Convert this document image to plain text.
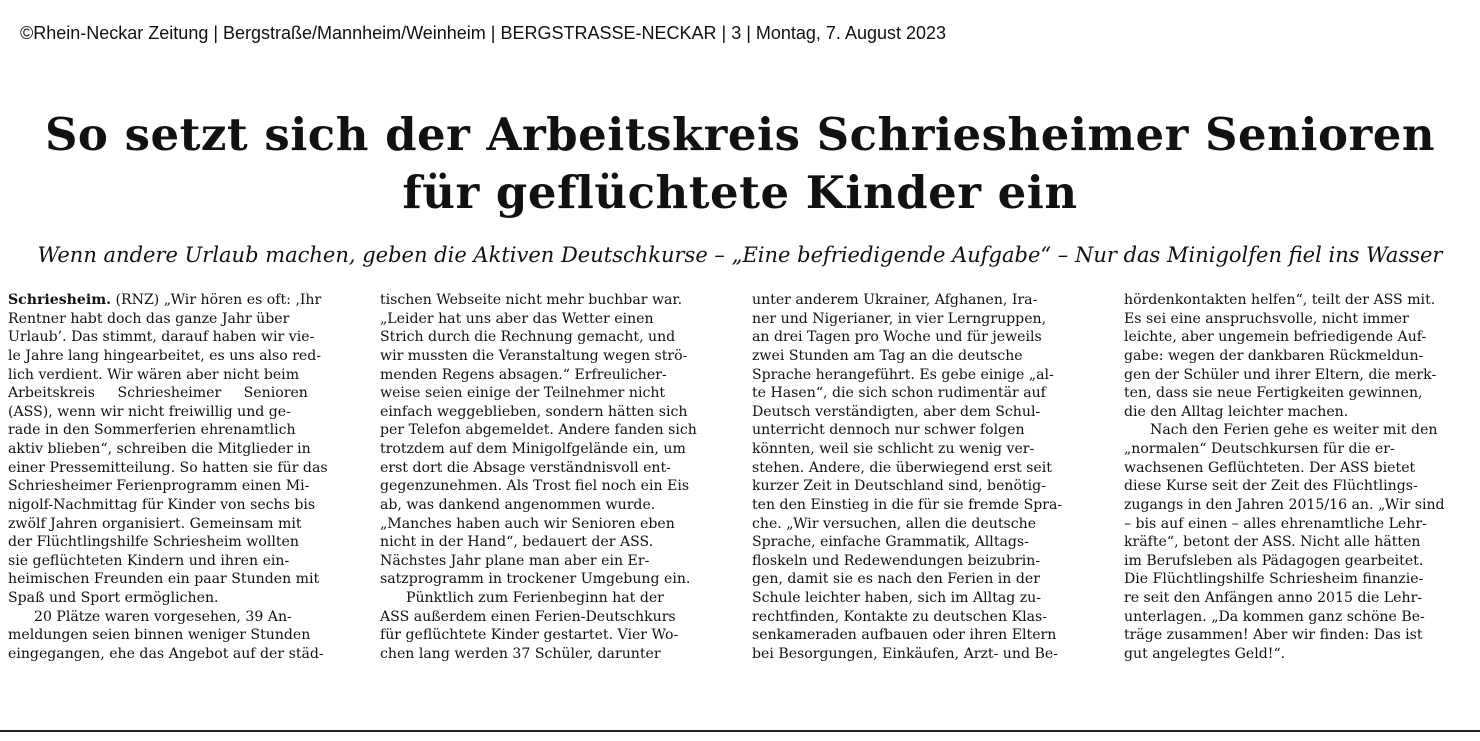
©Rhein-Neckar Zeitung | Bergstraße/Mannheim/Weinheim | BERGSTRASSE-NECKAR | 3 | Montag, 7. August 2023
So setzt sich der Arbeitskreis Schriesheimer Senioren
für geflüchtete Kinder ein
Wenn andere Urlaub machen, geben die Aktiven Deutschkurse – „Eine befriedigende Aufgabe“ – Nur das Minigolfen fiel ins Wasser
Schriesheim. (RNZ) „Wir hören es oft: ‚Ihr
Rentner habt doch das ganze Jahr über
Urlaub’. Das stimmt, darauf haben wir vie-
le Jahre lang hingearbeitet, es uns also red-
lich verdient. Wir wären aber nicht beim
Arbeitskreis     Schriesheimer     Senioren
(ASS), wenn wir nicht freiwillig und ge-
rade in den Sommerferien ehrenamtlich
aktiv blieben“, schreiben die Mitglieder in
einer Pressemitteilung. So hatten sie für das
Schriesheimer Ferienprogramm einen Mi-
nigolf-Nachmittag für Kinder von sechs bis
zwölf Jahren organisiert. Gemeinsam mit
der Flüchtlingshilfe Schriesheim wollten
sie geflüchteten Kindern und ihren ein-
heimischen Freunden ein paar Stunden mit
Spaß und Sport ermöglichen.
20 Plätze waren vorgesehen, 39 An-
meldungen seien binnen weniger Stunden
eingegangen, ehe das Angebot auf der städ-
tischen Webseite nicht mehr buchbar war.
„Leider hat uns aber das Wetter einen
Strich durch die Rechnung gemacht, und
wir mussten die Veranstaltung wegen strö-
menden Regens absagen.“ Erfreulicher-
weise seien einige der Teilnehmer nicht
einfach weggeblieben, sondern hätten sich
per Telefon abgemeldet. Andere fanden sich
trotzdem auf dem Minigolfgelände ein, um
erst dort die Absage verständnisvoll ent-
gegenzunehmen. Als Trost fiel noch ein Eis
ab, was dankend angenommen wurde.
„Manches haben auch wir Senioren eben
nicht in der Hand“, bedauert der ASS.
Nächstes Jahr plane man aber ein Er-
satzprogramm in trockener Umgebung ein.
Pünktlich zum Ferienbeginn hat der
ASS außerdem einen Ferien-Deutschkurs
für geflüchtete Kinder gestartet. Vier Wo-
chen lang werden 37 Schüler, darunter
unter anderem Ukrainer, Afghanen, Ira-
ner und Nigerianer, in vier Lerngruppen,
an drei Tagen pro Woche und für jeweils
zwei Stunden am Tag an die deutsche
Sprache herangeführt. Es gebe einige „al-
te Hasen“, die sich schon rudimentär auf
Deutsch verständigten, aber dem Schul-
unterricht dennoch nur schwer folgen
könnten, weil sie schlicht zu wenig ver-
stehen. Andere, die überwiegend erst seit
kurzer Zeit in Deutschland sind, benötig-
ten den Einstieg in die für sie fremde Spra-
che. „Wir versuchen, allen die deutsche
Sprache, einfache Grammatik, Alltags-
floskeln und Redewendungen beizubrin-
gen, damit sie es nach den Ferien in der
Schule leichter haben, sich im Alltag zu-
rechtfinden, Kontakte zu deutschen Klas-
senkameraden aufbauen oder ihren Eltern
bei Besorgungen, Einkäufen, Arzt- und Be-
hördenkontakten helfen“, teilt der ASS mit.
Es sei eine anspruchsvolle, nicht immer
leichte, aber ungemein befriedigende Auf-
gabe: wegen der dankbaren Rückmeldun-
gen der Schüler und ihrer Eltern, die merk-
ten, dass sie neue Fertigkeiten gewinnen,
die den Alltag leichter machen.
Nach den Ferien gehe es weiter mit den
„normalen“ Deutschkursen für die er-
wachsenen Geflüchteten. Der ASS bietet
diese Kurse seit der Zeit des Flüchtlings-
zugangs in den Jahren 2015/16 an. „Wir sind
– bis auf einen – alles ehrenamtliche Lehr-
kräfte“, betont der ASS. Nicht alle hätten
im Berufsleben als Pädagogen gearbeitet.
Die Flüchtlingshilfe Schriesheim finanzie-
re seit den Anfängen anno 2015 die Lehr-
unterlagen. „Da kommen ganz schöne Be-
träge zusammen! Aber wir finden: Das ist
gut angelegtes Geld!“.
